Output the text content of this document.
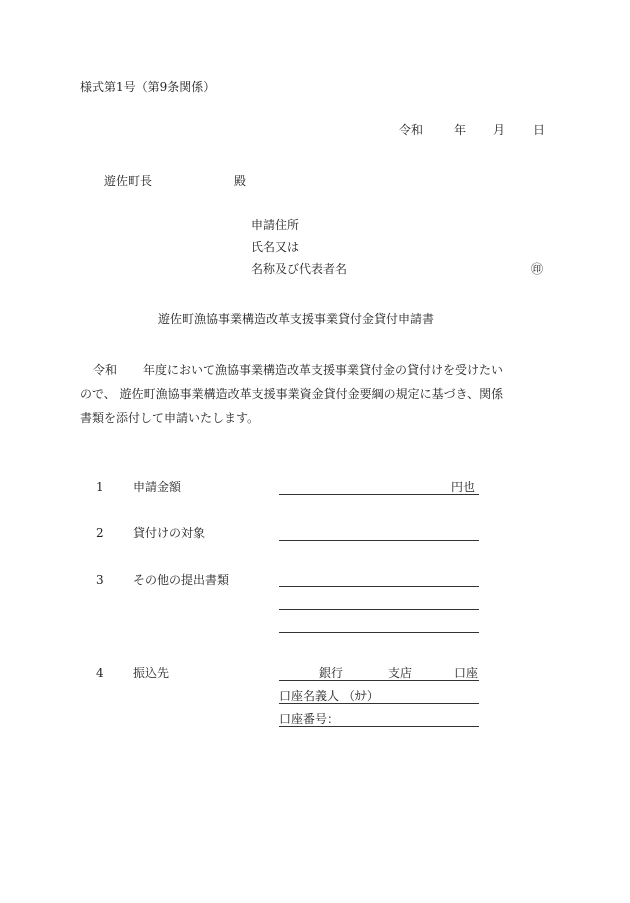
様式第1号（第9条関係）
令和	年 月 日
遊佐町長	殿
申請住所
氏名又は
名称及び代表者名	㊞
遊佐町漁協事業構造改革支援事業貸付金貸付申請書
令和 年度において漁協事業構造改革支援事業貸付金の貸付けを受けたい
ので、 遊佐町漁協事業構造改革支援事業資金貸付金要綱の規定に基づき、関係
書類を添付して申請いたします。
1 申請金額	円也
2 貸付けの対象
3 その他の提出書類
4 振込先	銀行	支店	口座
口座名義人 （ｶﾅ）
口座番号：
